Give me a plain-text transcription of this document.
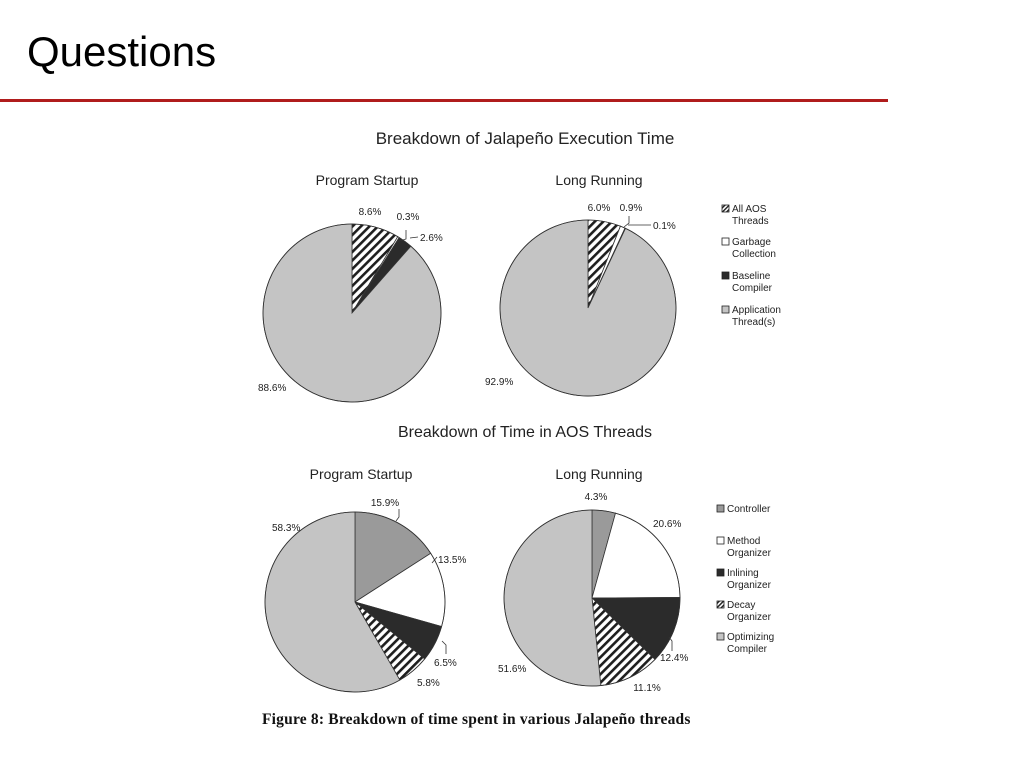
Questions
Breakdown of Jalapeño Execution Time
Breakdown of Time in AOS Threads
Program Startup
8.6% 0.3%
2.6%
88.6%
Long Running
6.0% 0.9%
0.1%
92.9%
All AOS Threads
Garbage Collection
Baseline Compiler
Application Thread(s)
Program Startup
15.9%
13.5%
6.5%
5.8%
58.3%
Long Running
4.3%
20.6%
12.4%
11.1%
51.6%
Controller
Method Organizer
Inlining Organizer
Decay Organizer
Optimizing Compiler
Figure 8: Breakdown of time spent in various Jalapeño threads
